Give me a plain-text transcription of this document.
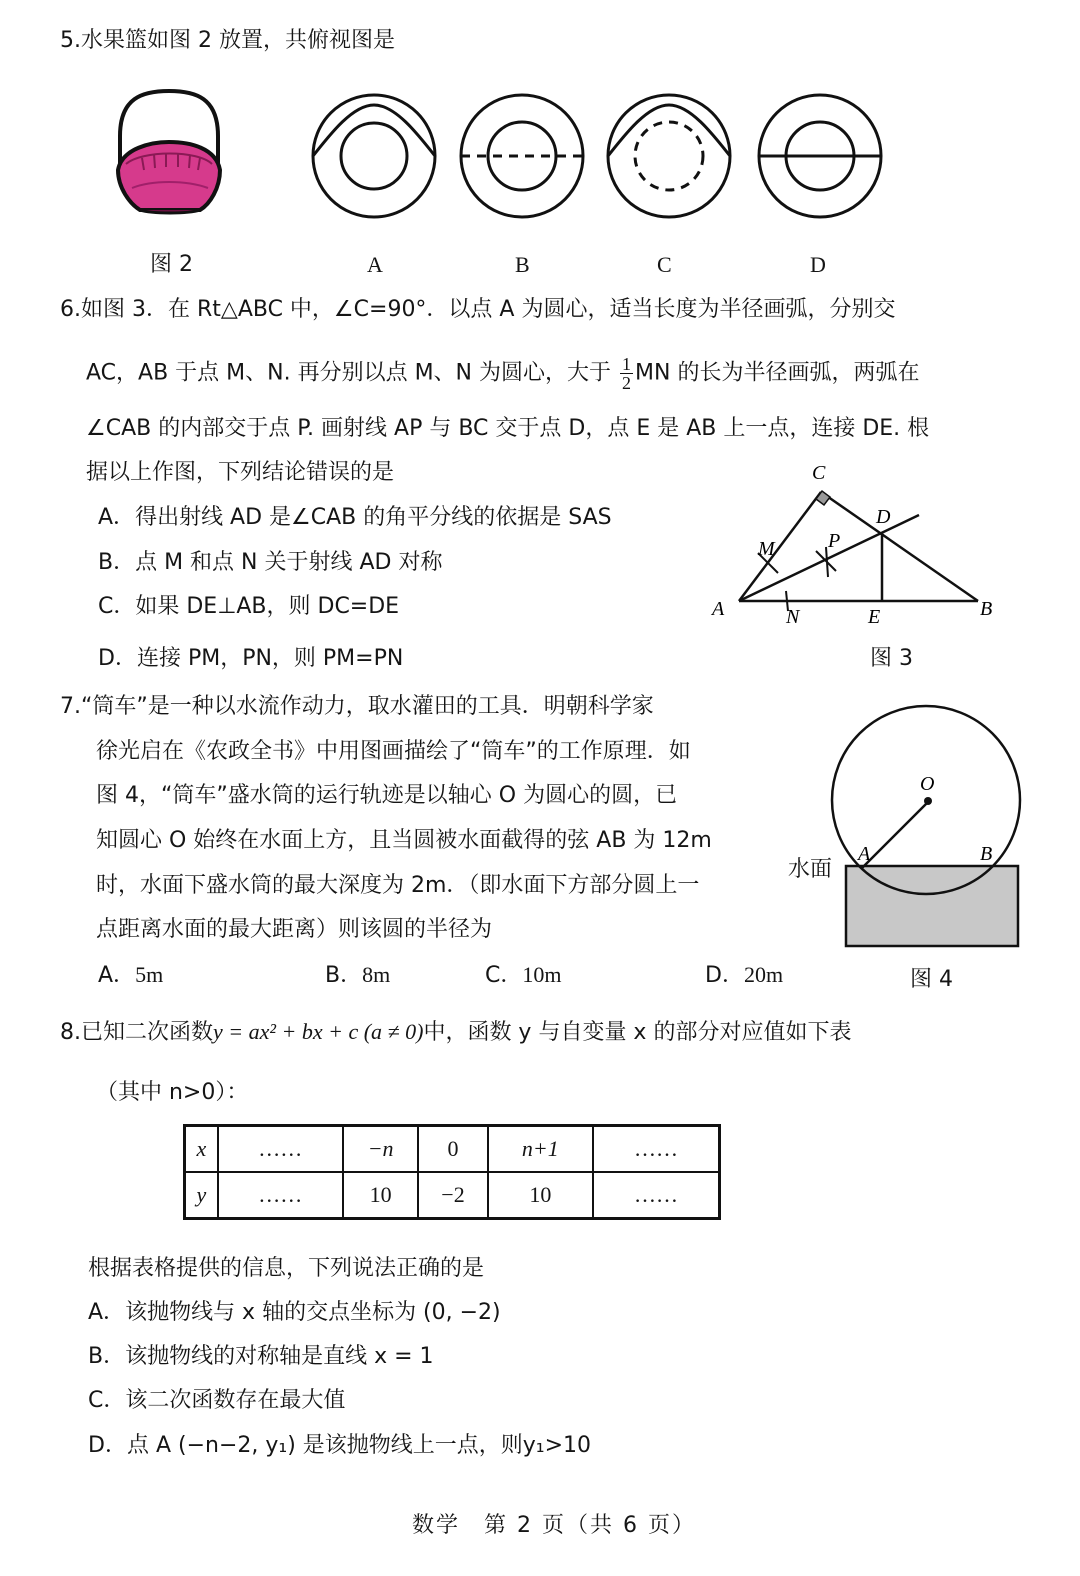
5.水果篮如图 2 放置，共俯视图是
图 2	A	B	C	D
6.如图 3．在 Rt△ABC 中，∠C=90°．以点 A 为圆心，适当长度为半径画弧，分别交
AC，AB 于点 M、N. 再分别以点 M、N 为圆心，大于 $\frac{1}{2}$ MN 的长为半径画弧，两弧在
∠CAB 的内部交于点 P. 画射线 AP 与 BC 交于点 D，点 E 是 AB 上一点，连接 DE. 根
据以上作图，下列结论错误的是
A．得出射线 AD 是∠CAB 的角平分线的依据是 SAS
B．点 M 和点 N 关于射线 AD 对称
C．如果 DE⊥AB，则 DC=DE
D．连接 PM，PN，则 PM=PN
C
D
M	P
A	N	E	B
图 3
7.“筒车”是一种以水流作动力，取水灌田的工具．明朝科学家
徐光启在《农政全书》中用图画描绘了“筒车”的工作原理．如
图 4，“筒车”盛水筒的运行轨迹是以轴心 O 为圆心的圆，已
知圆心 O 始终在水面上方，且当圆被水面截得的弦 AB 为 12m
时，水面下盛水筒的最大深度为 2m．（即水面下方部分圆上一
点距离水面的最大距离）则该圆的半径为
A．5m	B．8m	C．10m	D．20m
O
A	B
水面
图 4
8.已知二次函数y = ax² + bx + c (a ≠ 0)中，函数 y 与自变量 x 的部分对应值如下表
（其中 n>0）：
x	……	−n	0	n+1	……
y	……	10	−2	10	……
根据表格提供的信息，下列说法正确的是
A．该抛物线与 x 轴的交点坐标为 (0, −2)
B．该抛物线的对称轴是直线 x = 1
C．该二次函数存在最大值
D．点 A (−n−2, y₁) 是该抛物线上一点，则y₁>10
数学　第 2 页（共 6 页）
